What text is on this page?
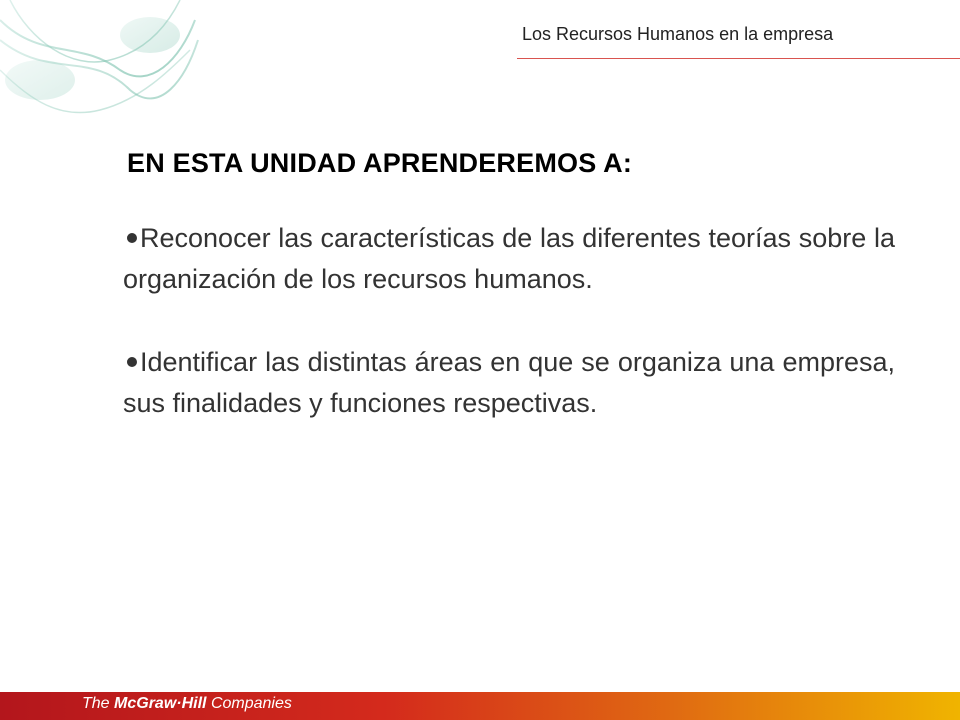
Los Recursos Humanos en la empresa
EN ESTA UNIDAD APRENDEREMOS A:

Reconocer las características de las diferentes teorías sobre la organización de los recursos humanos.

Identificar las distintas áreas en que se organiza una empresa, sus finalidades y funciones respectivas.

The McGraw·Hill Companies
